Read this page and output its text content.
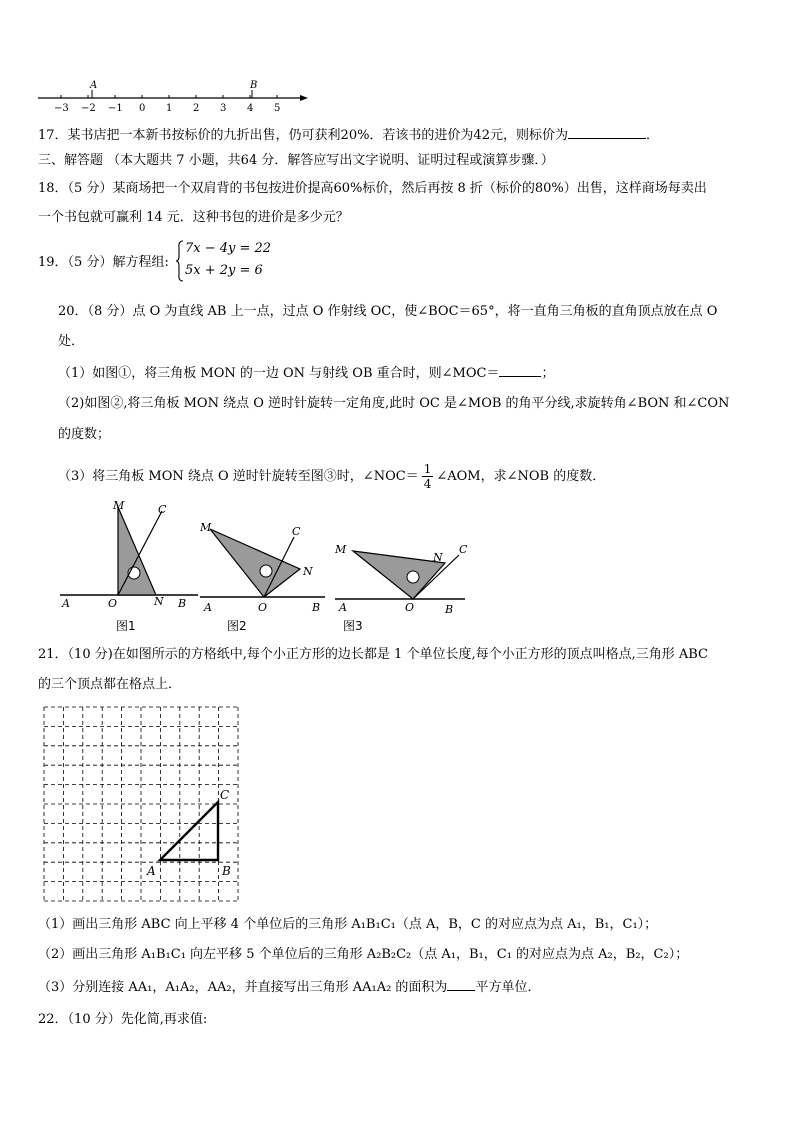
−3 −2 −1 0 1 2 3 4 5
A	B
17．某书店把一本新书按标价的九折出售，仍可获利20%．若该书的进价为42元，则标价为	．
三、解答题 （本大题共 7 小题，共64 分．解答应写出文字说明、证明过程或演算步骤．）
18．（5 分）某商场把一个双肩背的书包按进价提高60%标价，然后再按 8 折（标价的80%）出售，这样商场每卖出
一个书包就可赢利 14 元．这种书包的进价是多少元？
19．（5 分）解方程组:
7x − 4y = 22
5x + 2y = 6
20．（8 分）点 O 为直线 AB 上一点，过点 O 作射线 OC，使∠BOC＝65°，将一直角三角板的直角顶点放在点 O
处．
（1）如图①，将三角板 MON 的一边 ON 与射线 OB 重合时，则∠MOC＝	；
（2)如图②,将三角板 MON 绕点 O 逆时针旋转一定角度,此时 OC 是∠MOB 的角平分线,求旋转角∠BON 和∠CON
的度数；
（3）将三角板 MON 绕点 O 逆时针旋转至图③时，∠NOC＝ $\frac{1}{4}$ ∠AOM，求∠NOB 的度数．
M	C
A	O	N B
图1
M	C
N
A	O	B
图2
M
N
C
A	O	B
图3
21．（10 分)在如图所示的方格纸中,每个小正方形的边长都是 1 个单位长度,每个小正方形的顶点叫格点,三角形 ABC
的三个顶点都在格点上．
A	B
C
（1）画出三角形 ABC 向上平移 4 个单位后的三角形 A₁B₁C₁（点 A，B，C 的对应点为点 A₁，B₁，C₁）；
（2）画出三角形 A₁B₁C₁ 向左平移 5 个单位后的三角形 A₂B₂C₂（点 A₁，B₁，C₁ 的对应点为点 A₂，B₂，C₂）；
（3）分别连接 AA₁，A₁A₂，AA₂，并直接写出三角形 AA₁A₂ 的面积为 平方单位．
22．（10 分）先化简,再求值:
